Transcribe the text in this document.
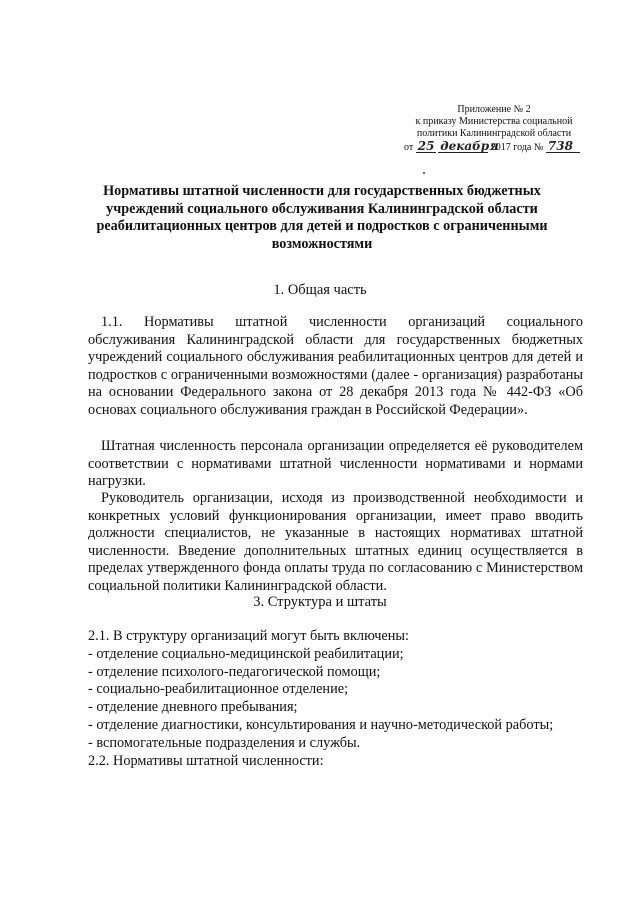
Приложение № 2
к приказу Министерства социальной
политики Калининградской области
от 25 декабря 2017 года № 738
Нормативы штатной численности для государственных бюджетных учреждений социального обслуживания Калининградской области реабилитационных центров для детей и подростков с ограниченными возможностями
1. Общая часть

1.1. Нормативы штатной численности организаций социального обслуживания Калининградской области для государственных бюджетных учреждений социального обслуживания реабилитационных центров для детей и подростков с ограниченными возможностями (далее - организация) разработаны на основании Федерального закона от 28 декабря 2013 года № 442-ФЗ «Об основах социального обслуживания граждан в Российской Федерации».

Штатная численность персонала организации определяется её руководителем соответствии с нормативами штатной численности нормативами и нормами нагрузки.

Руководитель организации, исходя из производственной необходимости и конкретных условий функционирования организации, имеет право вводить должности специалистов, не указанные в настоящих нормативах штатной численности. Введение дополнительных штатных единиц осуществляется в пределах утвержденного фонда оплаты труда по согласованию с Министерством социальной политики Калининградской области.

3. Структура и штаты
2.1. В структуру организаций могут быть включены:
- отделение социально-медицинской реабилитации;
- отделение психолого-педагогической помощи;
- социально-реабилитационное отделение;
- отделение дневного пребывания;
- отделение диагностики, консультирования и научно-методической работы;
- вспомогательные подразделения и службы.
2.2. Нормативы штатной численности:
